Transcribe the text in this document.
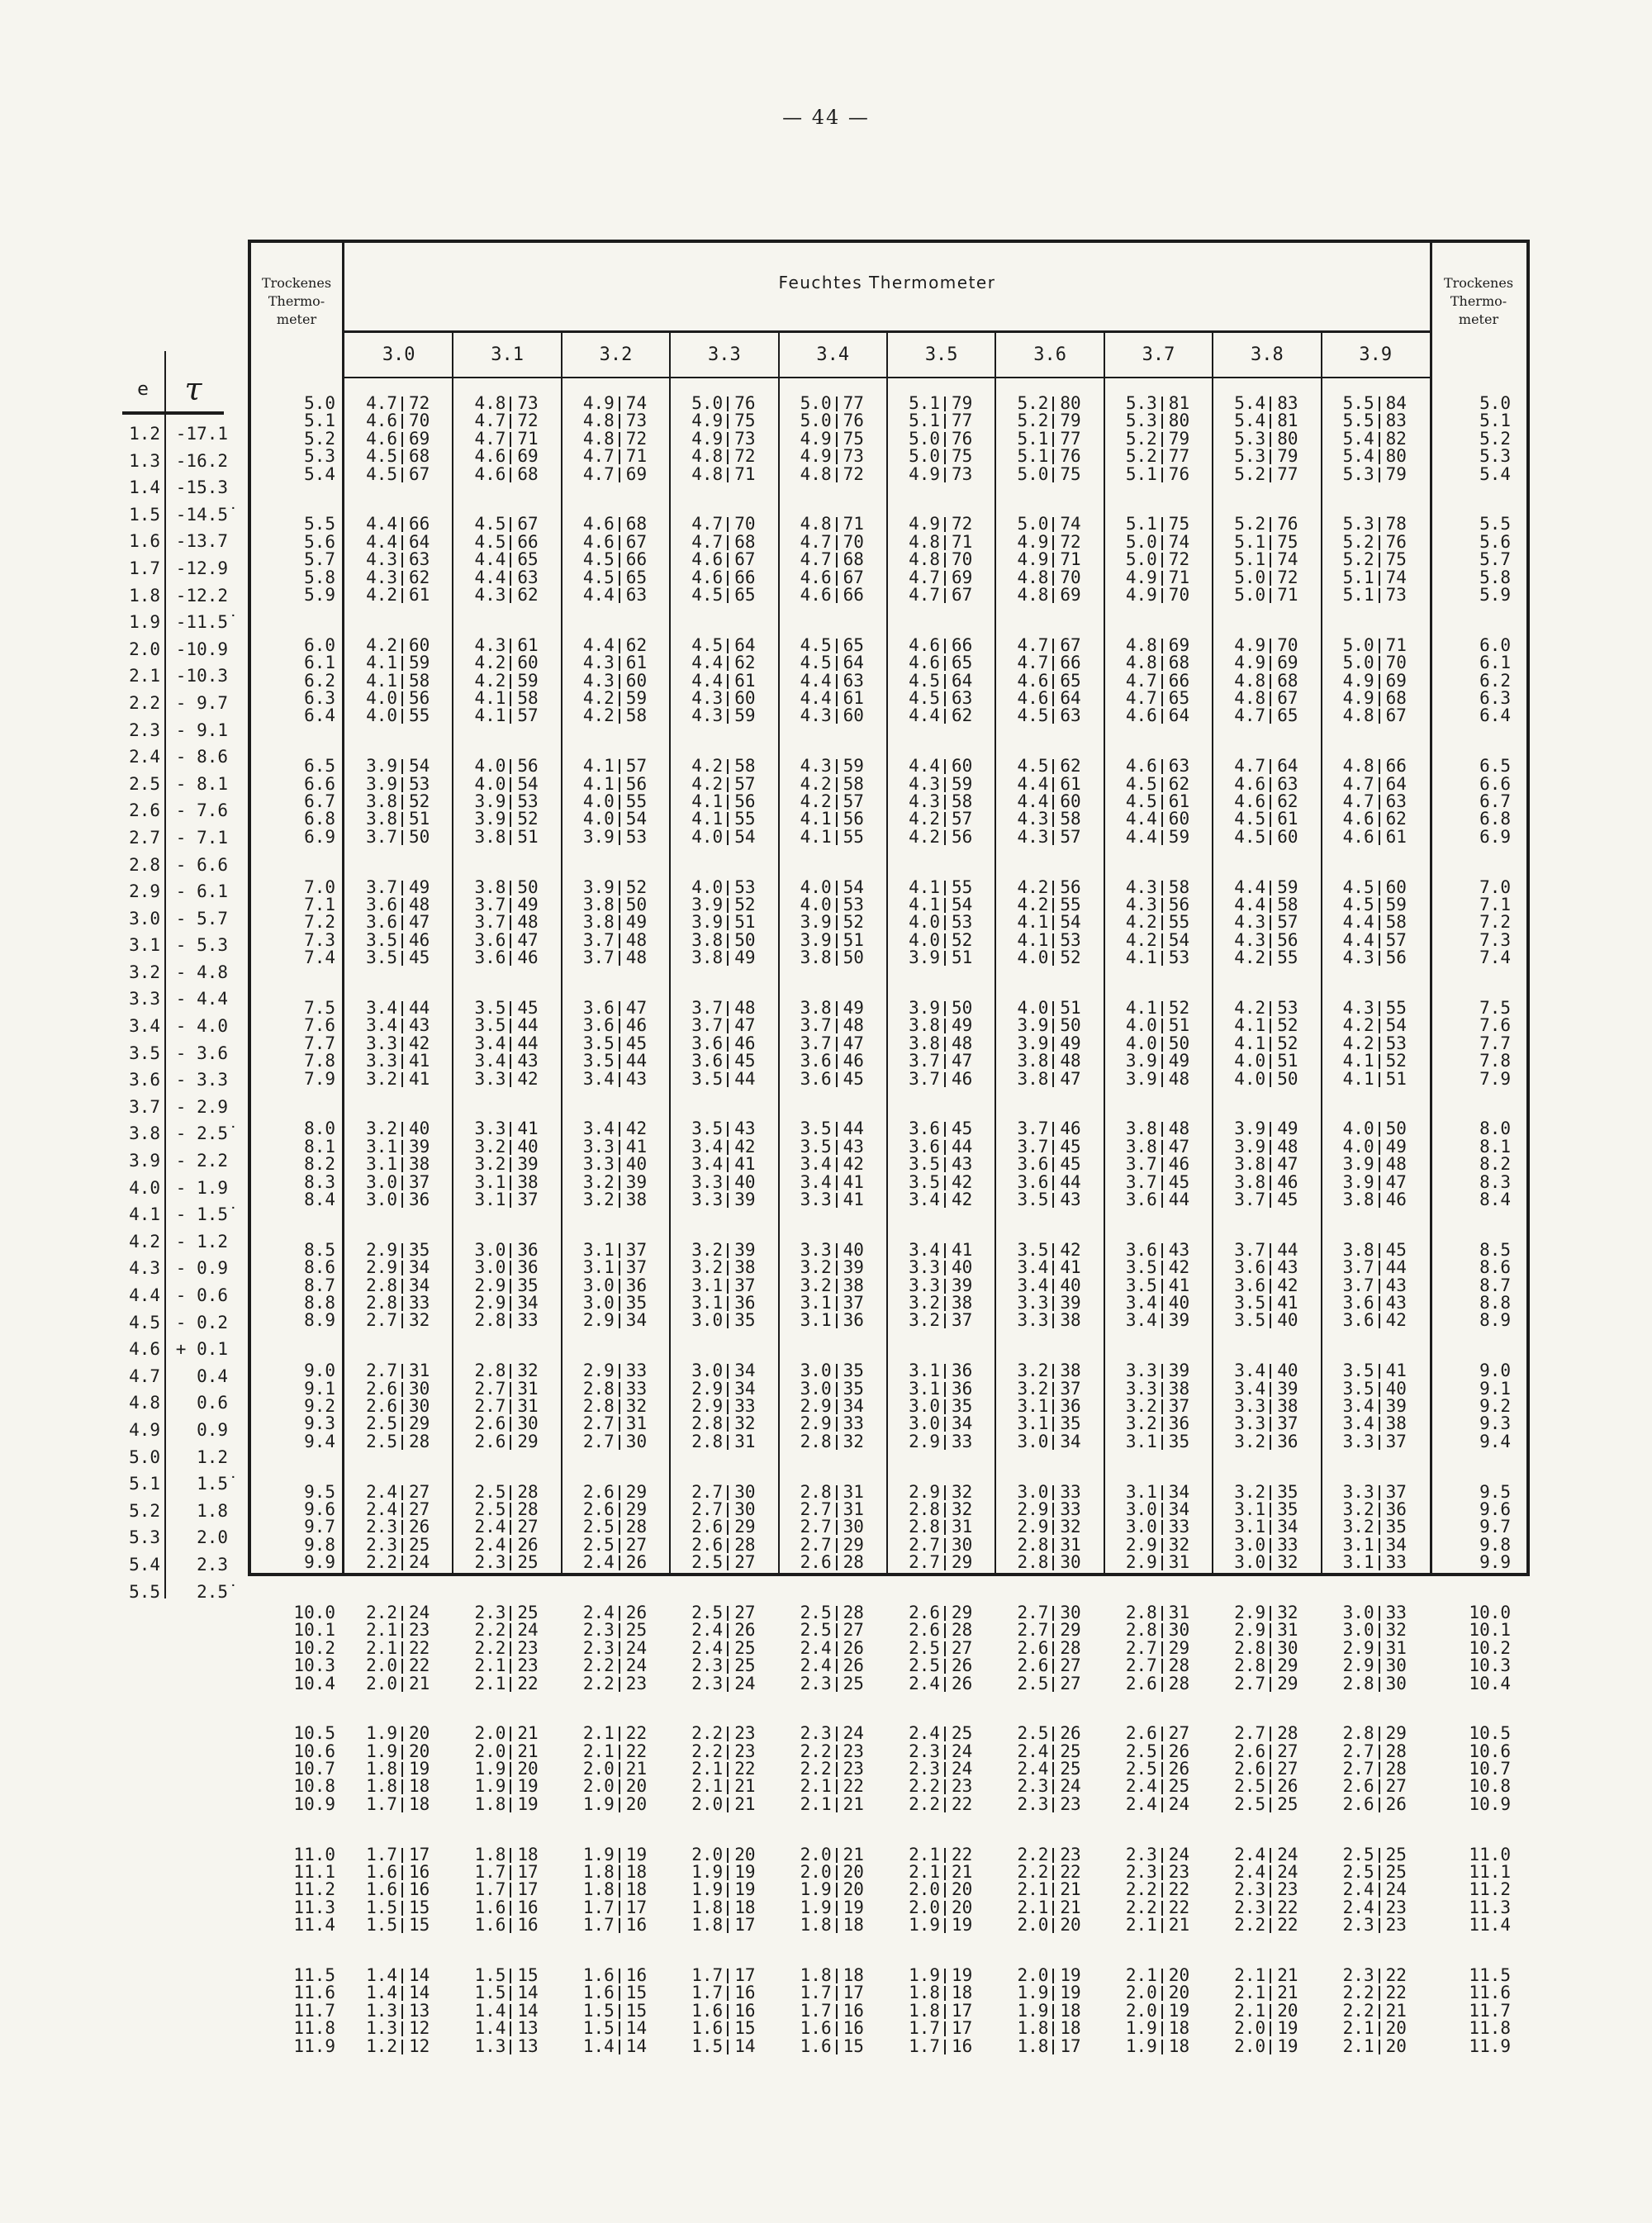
— 44 —
e	τ
1.2 -17.1
1.3 -16.2
1.4 -15.3
1.5 -14.5̇
1.6 -13.7
1.7 -12.9
1.8 -12.2
1.9 -11.5̇
2.0 -10.9
2.1 -10.3
2.2 - 9.7
2.3 - 9.1
2.4 - 8.6
2.5 - 8.1
2.6 - 7.6
2.7 - 7.1
2.8 - 6.6
2.9 - 6.1
3.0 - 5.7
3.1 - 5.3
3.2 - 4.8
3.3 - 4.4
3.4 - 4.0
3.5 - 3.6
3.6 - 3.3
3.7 - 2.9
3.8 - 2.5̇
3.9 - 2.2
4.0 - 1.9
4.1 - 1.5̇
4.2 - 1.2
4.3 - 0.9
4.4 - 0.6
4.5 - 0.2
4.6 + 0.1
4.7	0.4
4.8	0.6
4.9	0.9
5.0	1.2
5.1	1.5̇
5.2	1.8
5.3	2.0
5.4	2.3
5.5	2.5̇
Trockenes
Thermo-
meter
Trockenes
Thermo-
meter
Feuchtes Thermometer
3.0	3.1	3.2	3.3	3.4	3.5	3.6	3.7	3.8	3.9
5.0	4.7 72	4.8 73	4.9 74	5.0 76	5.0 77	5.1 79	5.2 80	5.3 81	5.4 83	5.5 84	5.0
5.1	4.6 70	4.7 72	4.8 73	4.9 75	5.0 76	5.1 77	5.2 79	5.3 80	5.4 81	5.5 83	5.1
5.2	4.6 69	4.7 71	4.8 72	4.9 73	4.9 75	5.0 76	5.1 77	5.2 79	5.3 80	5.4 82	5.2
5.3	4.5 68	4.6 69	4.7 71	4.8 72	4.9 73	5.0 75	5.1 76	5.2 77	5.3 79	5.4 80	5.3
5.4	4.5 67	4.6 68	4.7 69	4.8 71	4.8 72	4.9 73	5.0 75	5.1 76	5.2 77	5.3 79	5.4
5.5	4.4 66	4.5 67	4.6 68	4.7 70	4.8 71	4.9 72	5.0 74	5.1 75	5.2 76	5.3 78	5.5
5.6	4.4 64	4.5 66	4.6 67	4.7 68	4.7 70	4.8 71	4.9 72	5.0 74	5.1 75	5.2 76	5.6
5.7	4.3 63	4.4 65	4.5 66	4.6 67	4.7 68	4.8 70	4.9 71	5.0 72	5.1 74	5.2 75	5.7
5.8	4.3 62	4.4 63	4.5 65	4.6 66	4.6 67	4.7 69	4.8 70	4.9 71	5.0 72	5.1 74	5.8
5.9	4.2 61	4.3 62	4.4 63	4.5 65	4.6 66	4.7 67	4.8 69	4.9 70	5.0 71	5.1 73	5.9
6.0	4.2 60	4.3 61	4.4 62	4.5 64	4.5 65	4.6 66	4.7 67	4.8 69	4.9 70	5.0 71	6.0
6.1	4.1 59	4.2 60	4.3 61	4.4 62	4.5 64	4.6 65	4.7 66	4.8 68	4.9 69	5.0 70	6.1
6.2	4.1 58	4.2 59	4.3 60	4.4 61	4.4 63	4.5 64	4.6 65	4.7 66	4.8 68	4.9 69	6.2
6.3	4.0 56	4.1 58	4.2 59	4.3 60	4.4 61	4.5 63	4.6 64	4.7 65	4.8 67	4.9 68	6.3
6.4	4.0 55	4.1 57	4.2 58	4.3 59	4.3 60	4.4 62	4.5 63	4.6 64	4.7 65	4.8 67	6.4
6.5	3.9 54	4.0 56	4.1 57	4.2 58	4.3 59	4.4 60	4.5 62	4.6 63	4.7 64	4.8 66	6.5
6.6	3.9 53	4.0 54	4.1 56	4.2 57	4.2 58	4.3 59	4.4 61	4.5 62	4.6 63	4.7 64	6.6
6.7	3.8 52	3.9 53	4.0 55	4.1 56	4.2 57	4.3 58	4.4 60	4.5 61	4.6 62	4.7 63	6.7
6.8	3.8 51	3.9 52	4.0 54	4.1 55	4.1 56	4.2 57	4.3 58	4.4 60	4.5 61	4.6 62	6.8
6.9	3.7 50	3.8 51	3.9 53	4.0 54	4.1 55	4.2 56	4.3 57	4.4 59	4.5 60	4.6 61	6.9
7.0	3.7 49	3.8 50	3.9 52	4.0 53	4.0 54	4.1 55	4.2 56	4.3 58	4.4 59	4.5 60	7.0
7.1	3.6 48	3.7 49	3.8 50	3.9 52	4.0 53	4.1 54	4.2 55	4.3 56	4.4 58	4.5 59	7.1
7.2	3.6 47	3.7 48	3.8 49	3.9 51	3.9 52	4.0 53	4.1 54	4.2 55	4.3 57	4.4 58	7.2
7.3	3.5 46	3.6 47	3.7 48	3.8 50	3.9 51	4.0 52	4.1 53	4.2 54	4.3 56	4.4 57	7.3
7.4	3.5 45	3.6 46	3.7 48	3.8 49	3.8 50	3.9 51	4.0 52	4.1 53	4.2 55	4.3 56	7.4
7.5	3.4 44	3.5 45	3.6 47	3.7 48	3.8 49	3.9 50	4.0 51	4.1 52	4.2 53	4.3 55	7.5
7.6	3.4 43	3.5 44	3.6 46	3.7 47	3.7 48	3.8 49	3.9 50	4.0 51	4.1 52	4.2 54	7.6
7.7	3.3 42	3.4 44	3.5 45	3.6 46	3.7 47	3.8 48	3.9 49	4.0 50	4.1 52	4.2 53	7.7
7.8	3.3 41	3.4 43	3.5 44	3.6 45	3.6 46	3.7 47	3.8 48	3.9 49	4.0 51	4.1 52	7.8
7.9	3.2 41	3.3 42	3.4 43	3.5 44	3.6 45	3.7 46	3.8 47	3.9 48	4.0 50	4.1 51	7.9
8.0	3.2 40	3.3 41	3.4 42	3.5 43	3.5 44	3.6 45	3.7 46	3.8 48	3.9 49	4.0 50	8.0
8.1	3.1 39	3.2 40	3.3 41	3.4 42	3.5 43	3.6 44	3.7 45	3.8 47	3.9 48	4.0 49	8.1
8.2	3.1 38	3.2 39	3.3 40	3.4 41	3.4 42	3.5 43	3.6 45	3.7 46	3.8 47	3.9 48	8.2
8.3	3.0 37	3.1 38	3.2 39	3.3 40	3.4 41	3.5 42	3.6 44	3.7 45	3.8 46	3.9 47	8.3
8.4	3.0 36	3.1 37	3.2 38	3.3 39	3.3 41	3.4 42	3.5 43	3.6 44	3.7 45	3.8 46	8.4
8.5	2.9 35	3.0 36	3.1 37	3.2 39	3.3 40	3.4 41	3.5 42	3.6 43	3.7 44	3.8 45	8.5
8.6	2.9 34	3.0 36	3.1 37	3.2 38	3.2 39	3.3 40	3.4 41	3.5 42	3.6 43	3.7 44	8.6
8.7	2.8 34	2.9 35	3.0 36	3.1 37	3.2 38	3.3 39	3.4 40	3.5 41	3.6 42	3.7 43	8.7
8.8	2.8 33	2.9 34	3.0 35	3.1 36	3.1 37	3.2 38	3.3 39	3.4 40	3.5 41	3.6 43	8.8
8.9	2.7 32	2.8 33	2.9 34	3.0 35	3.1 36	3.2 37	3.3 38	3.4 39	3.5 40	3.6 42	8.9
9.0	2.7 31	2.8 32	2.9 33	3.0 34	3.0 35	3.1 36	3.2 38	3.3 39	3.4 40	3.5 41	9.0
9.1	2.6 30	2.7 31	2.8 33	2.9 34	3.0 35	3.1 36	3.2 37	3.3 38	3.4 39	3.5 40	9.1
9.2	2.6 30	2.7 31	2.8 32	2.9 33	2.9 34	3.0 35	3.1 36	3.2 37	3.3 38	3.4 39	9.2
9.3	2.5 29	2.6 30	2.7 31	2.8 32	2.9 33	3.0 34	3.1 35	3.2 36	3.3 37	3.4 38	9.3
9.4	2.5 28	2.6 29	2.7 30	2.8 31	2.8 32	2.9 33	3.0 34	3.1 35	3.2 36	3.3 37	9.4
9.5	2.4 27	2.5 28	2.6 29	2.7 30	2.8 31	2.9 32	3.0 33	3.1 34	3.2 35	3.3 37	9.5
9.6	2.4 27	2.5 28	2.6 29	2.7 30	2.7 31	2.8 32	2.9 33	3.0 34	3.1 35	3.2 36	9.6
9.7	2.3 26	2.4 27	2.5 28	2.6 29	2.7 30	2.8 31	2.9 32	3.0 33	3.1 34	3.2 35	9.7
9.8	2.3 25	2.4 26	2.5 27	2.6 28	2.7 29	2.7 30	2.8 31	2.9 32	3.0 33	3.1 34	9.8
9.9	2.2 24	2.3 25	2.4 26	2.5 27	2.6 28	2.7 29	2.8 30	2.9 31	3.0 32	3.1 33	9.9
10.0	2.2 24	2.3 25	2.4 26	2.5 27	2.5 28	2.6 29	2.7 30	2.8 31	2.9 32	3.0 33	10.0
10.1	2.1 23	2.2 24	2.3 25	2.4 26	2.5 27	2.6 28	2.7 29	2.8 30	2.9 31	3.0 32	10.1
10.2	2.1 22	2.2 23	2.3 24	2.4 25	2.4 26	2.5 27	2.6 28	2.7 29	2.8 30	2.9 31	10.2
10.3	2.0 22	2.1 23	2.2 24	2.3 25	2.4 26	2.5 26	2.6 27	2.7 28	2.8 29	2.9 30	10.3
10.4	2.0 21	2.1 22	2.2 23	2.3 24	2.3 25	2.4 26	2.5 27	2.6 28	2.7 29	2.8 30	10.4
10.5	1.9 20	2.0 21	2.1 22	2.2 23	2.3 24	2.4 25	2.5 26	2.6 27	2.7 28	2.8 29	10.5
10.6	1.9 20	2.0 21	2.1 22	2.2 23	2.2 23	2.3 24	2.4 25	2.5 26	2.6 27	2.7 28	10.6
10.7	1.8 19	1.9 20	2.0 21	2.1 22	2.2 23	2.3 24	2.4 25	2.5 26	2.6 27	2.7 28	10.7
10.8	1.8 18	1.9 19	2.0 20	2.1 21	2.1 22	2.2 23	2.3 24	2.4 25	2.5 26	2.6 27	10.8
10.9	1.7 18	1.8 19	1.9 20	2.0 21	2.1 21	2.2 22	2.3 23	2.4 24	2.5 25	2.6 26	10.9
11.0	1.7 17	1.8 18	1.9 19	2.0 20	2.0 21	2.1 22	2.2 23	2.3 24	2.4 24	2.5 25	11.0
11.1	1.6 16	1.7 17	1.8 18	1.9 19	2.0 20	2.1 21	2.2 22	2.3 23	2.4 24	2.5 25	11.1
11.2	1.6 16	1.7 17	1.8 18	1.9 19	1.9 20	2.0 20	2.1 21	2.2 22	2.3 23	2.4 24	11.2
11.3	1.5 15	1.6 16	1.7 17	1.8 18	1.9 19	2.0 20	2.1 21	2.2 22	2.3 22	2.4 23	11.3
11.4	1.5 15	1.6 16	1.7 16	1.8 17	1.8 18	1.9 19	2.0 20	2.1 21	2.2 22	2.3 23	11.4
11.5	1.4 14	1.5 15	1.6 16	1.7 17	1.8 18	1.9 19	2.0 19	2.1 20	2.1 21	2.3 22	11.5
11.6	1.4 14	1.5 14	1.6 15	1.7 16	1.7 17	1.8 18	1.9 19	2.0 20	2.1 21	2.2 22	11.6
11.7	1.3 13	1.4 14	1.5 15	1.6 16	1.7 16	1.8 17	1.9 18	2.0 19	2.1 20	2.2 21	11.7
11.8	1.3 12	1.4 13	1.5 14	1.6 15	1.6 16	1.7 17	1.8 18	1.9 18	2.0 19	2.1 20	11.8
11.9	1.2 12	1.3 13	1.4 14	1.5 14	1.6 15	1.7 16	1.8 17	1.9 18	2.0 19	2.1 20	11.9
